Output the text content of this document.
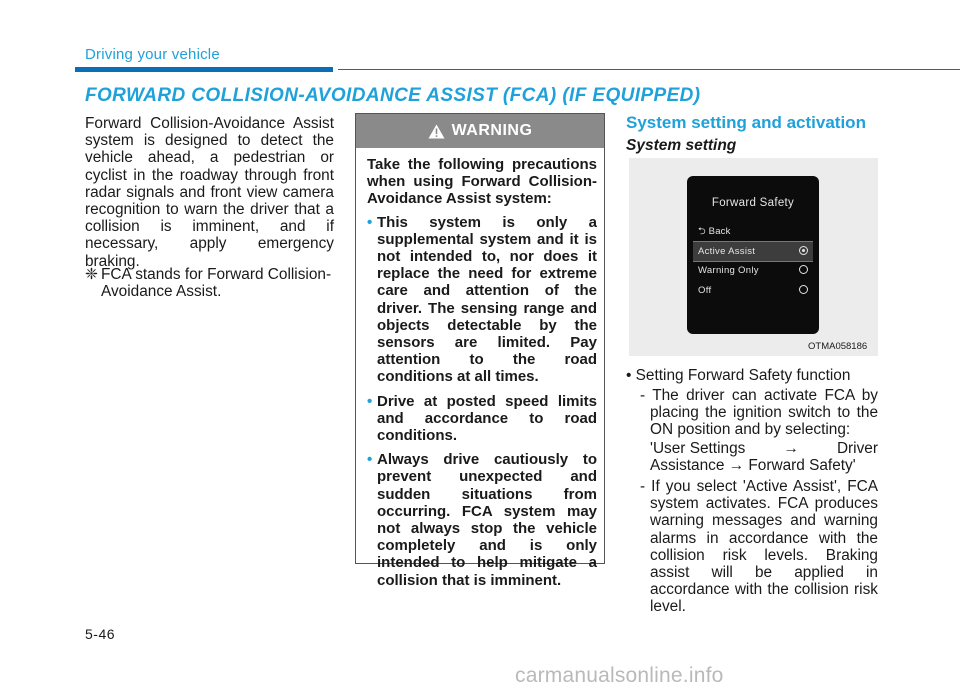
Driving your vehicle
FORWARD COLLISION-AVOIDANCE ASSIST (FCA) (IF EQUIPPED)
Forward Collision-Avoidance Assist system is designed to detect the vehicle ahead, a pedestrian or cyclist in the roadway through front radar signals and front view camera recognition to warn the driver that a collision is imminent, and if necessary, apply emergency braking.
❈ FCA stands for Forward Collision-
Avoidance Assist.
WARNING
Take the following precautions when using Forward Collision-Avoidance Assist system:
• This system is only a supplemental system and it is not intended to, nor does it replace the need for extreme care and attention of the driver. The sensing range and objects detectable by the sensors are limited. Pay attention to the road conditions at all times.
• Drive at posted speed limits and accordance to road conditions.
• Always drive cautiously to prevent unexpected and sudden situations from occurring. FCA system may not always stop the vehicle completely and is only intended to help mitigate a collision that is imminent.
System setting and activation
System setting
Forward Safety
⮌ Back
Active Assist
Warning Only
Off
OTMA058186
• Setting Forward Safety function
- The driver can activate FCA by
placing the ignition switch to the ON position and by selecting:
'User Settings → Driver
Assistance → Forward Safety'
- If you select 'Active Assist', FCA
system activates. FCA produces warning messages and warning alarms in accordance with the collision risk levels. Braking assist will be applied in accordance with the collision risk level.
5-46
carmanualsonline.info
